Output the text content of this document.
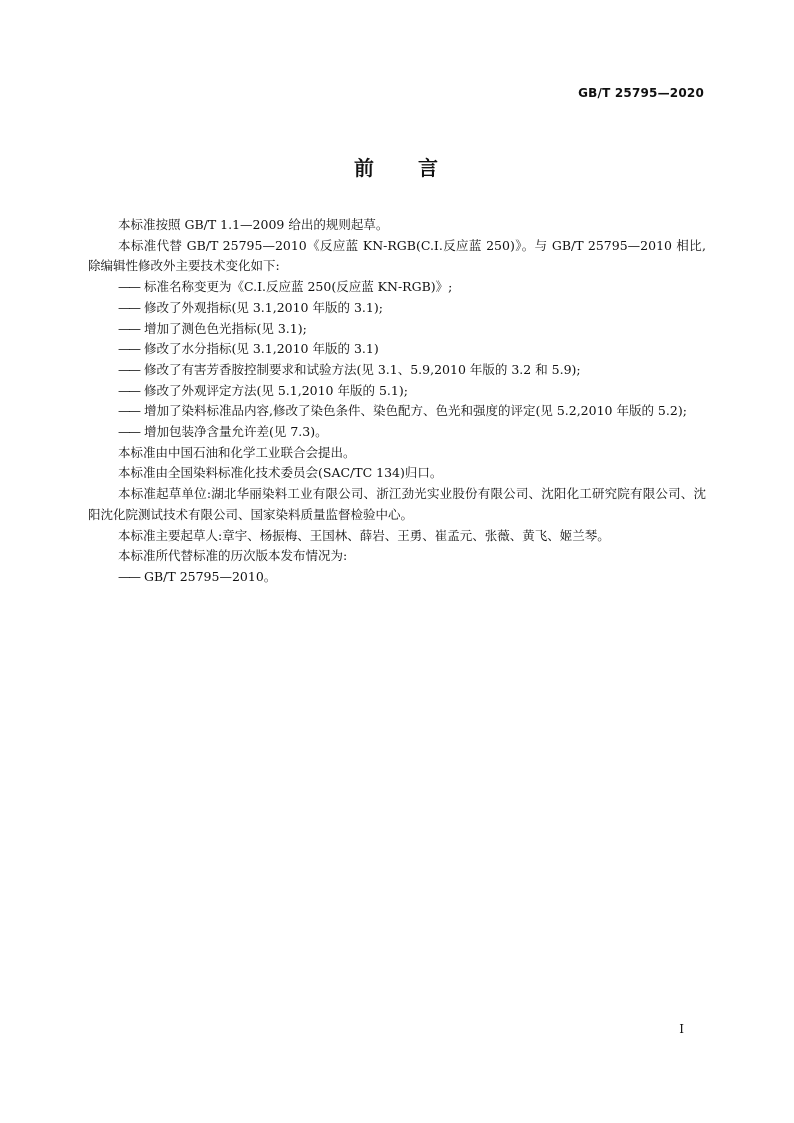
GB/T 25795—2020
前 言

本标准按照 GB/T 1.1—2009 给出的规则起草。

本标准代替 GB/T 25795—2010《反应蓝 KN-RGB(C.I.反应蓝 250)》。与 GB/T 25795—2010 相比,除编辑性修改外主要技术变化如下:

—— 标准名称变更为《C.I.反应蓝 250(反应蓝 KN-RGB)》;

—— 修改了外观指标(见 3.1,2010 年版的 3.1);

—— 增加了测色色光指标(见 3.1);

—— 修改了水分指标(见 3.1,2010 年版的 3.1)

—— 修改了有害芳香胺控制要求和试验方法(见 3.1、5.9,2010 年版的 3.2 和 5.9);

—— 修改了外观评定方法(见 5.1,2010 年版的 5.1);

—— 增加了染料标准品内容,修改了染色条件、染色配方、色光和强度的评定(见 5.2,2010 年版的 5.2);

—— 增加包装净含量允许差(见 7.3)。

本标准由中国石油和化学工业联合会提出。

本标准由全国染料标准化技术委员会(SAC/TC 134)归口。

本标准起草单位:湖北华丽染料工业有限公司、浙江劲光实业股份有限公司、沈阳化工研究院有限公司、沈阳沈化院测试技术有限公司、国家染料质量监督检验中心。

本标准主要起草人:章宇、杨振梅、王国林、薛岩、王勇、崔孟元、张薇、黄飞、姬兰琴。

本标准所代替标准的历次版本发布情况为:

—— GB/T 25795—2010。

I
